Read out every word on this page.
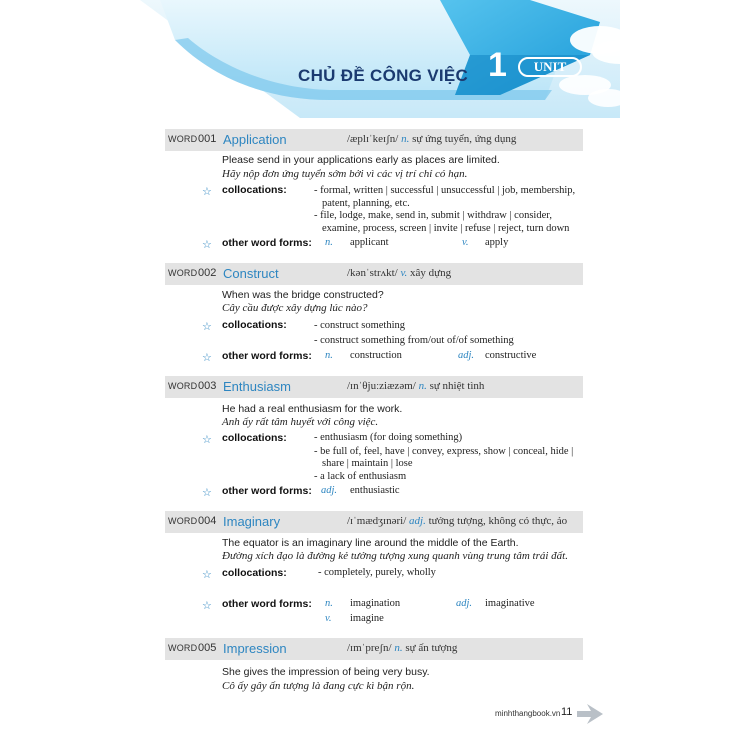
CHỦ ĐỀ CÔNG VIỆC 1	UNIT
WORD 001 Application	/æplɪˈkeɪʃn/ n. sự ứng tuyển, ứng dụng
Please send in your applications early as places are limited.
Hãy nộp đơn ứng tuyển sớm bởi vì các vị trí chỉ có hạn.
☆ collocations:	- formal, written | successful | unsuccessful | job, membership,
patent, planning, etc.
- file, lodge, make, send in, submit | withdraw | consider,
examine, process, screen | invite | refuse | reject, turn down
☆ other word forms: n. applicant	v. apply
WORD 002 Construct	/kənˈstrʌkt/ v. xây dựng
When was the bridge constructed?
Cây cầu được xây dựng lúc nào?
☆ collocations:	- construct something
- construct something from/out of/of something
☆ other word forms: n. construction	adj. constructive
WORD 003 Enthusiasm	/ɪnˈθjuːziæzəm/ n. sự nhiệt tình
He had a real enthusiasm for the work.
Anh ấy rất tâm huyết với công việc.
☆ collocations:	- enthusiasm (for doing something)
- be full of, feel, have | convey, express, show | conceal, hide |
share | maintain | lose
- a lack of enthusiasm
☆ other word forms: adj. enthusiastic
WORD 004 Imaginary	/ɪˈmædʒɪnəri/ adj. tưởng tượng, không có thực, ảo
The equator is an imaginary line around the middle of the Earth.
Đường xích đạo là đường kẻ tưởng tượng xung quanh vùng trung tâm trái đất.
☆ collocations:	- completely, purely, wholly
☆ other word forms: n. imagination	adj. imaginative
v. imagine
WORD 005 Impression	/ɪmˈpreʃn/ n. sự ấn tượng
She gives the impression of being very busy.
Cô ấy gây ấn tượng là đang cực kì bận rộn.
minhthangbook.vn 11
